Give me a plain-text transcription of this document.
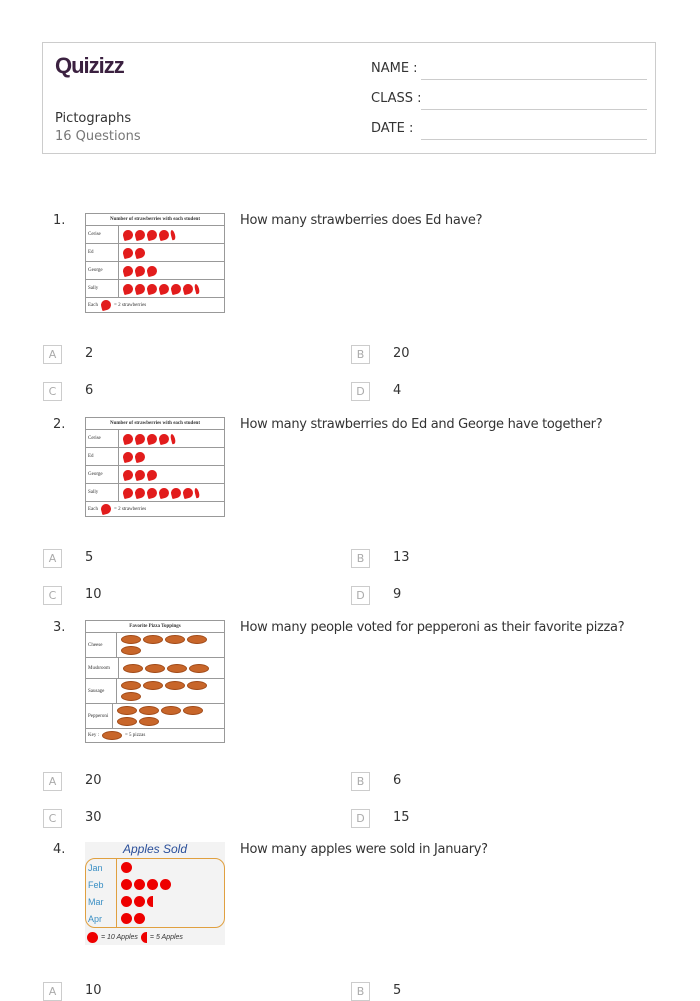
Quizizz
Pictographs
16 Questions
NAME :
CLASS :
DATE :
1.	How many strawberries does Ed have?
Number of strawberries with each student
Cerise
Ed
George
Sally
Each	= 2 strawberries
2.	How many strawberries do Ed and George have together?
Number of strawberries with each student
Cerise
Ed
George
Sally
Each	= 2 strawberries
3.	How many people voted for pepperoni as their favorite pizza?
Favorite Pizza Toppings
Cheese
Mushroom
Sausage
Pepperoni
Key :	= 5 pizzas
4.	How many apples were sold in January?
Apples Sold
Jan
Feb
Mar
Apr
= 10 Apples = 5 Apples
A	2	B	20
C	6	D	4
A	5	B	13
C	10	D	9
A	20	B	6
C	30	D	15
A	10	B	5
